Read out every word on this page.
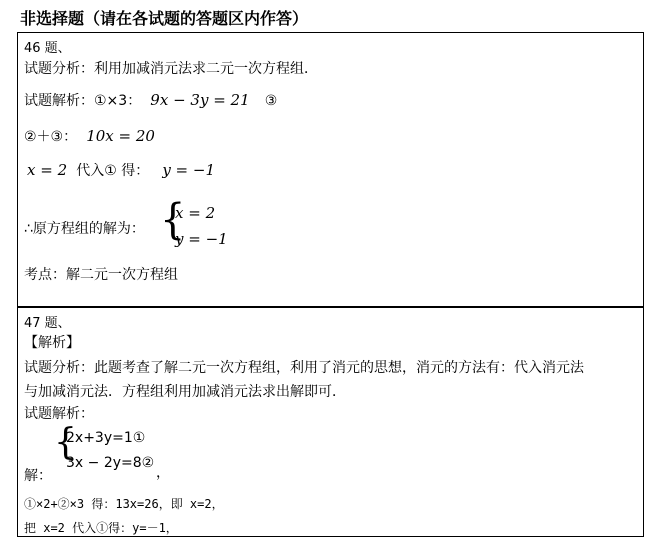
非选择题（请在各试题的答题区内作答）
46 题、
试题分析：利用加减消元法求二元一次方程组．
试题解析：①×3： 9x − 3y = 21 ③
②＋③： 10x = 20
x = 2 代入① 得： y = −1
∴原方程组的解为： {
x = 2
y = −1
考点：解二元一次方程组
47 题、
【解析】
试题分析：此题考查了解二元一次方程组，利用了消元的思想，消元的方法有：代入消元法
与加减消元法．方程组利用加减消元法求出解即可．
试题解析：
{
2x+3y=1①
3x − 2y=8②
解：	，
①×2+②×3 得：13x=26，即 x=2，
把 x=2 代入①得：y=－1，
